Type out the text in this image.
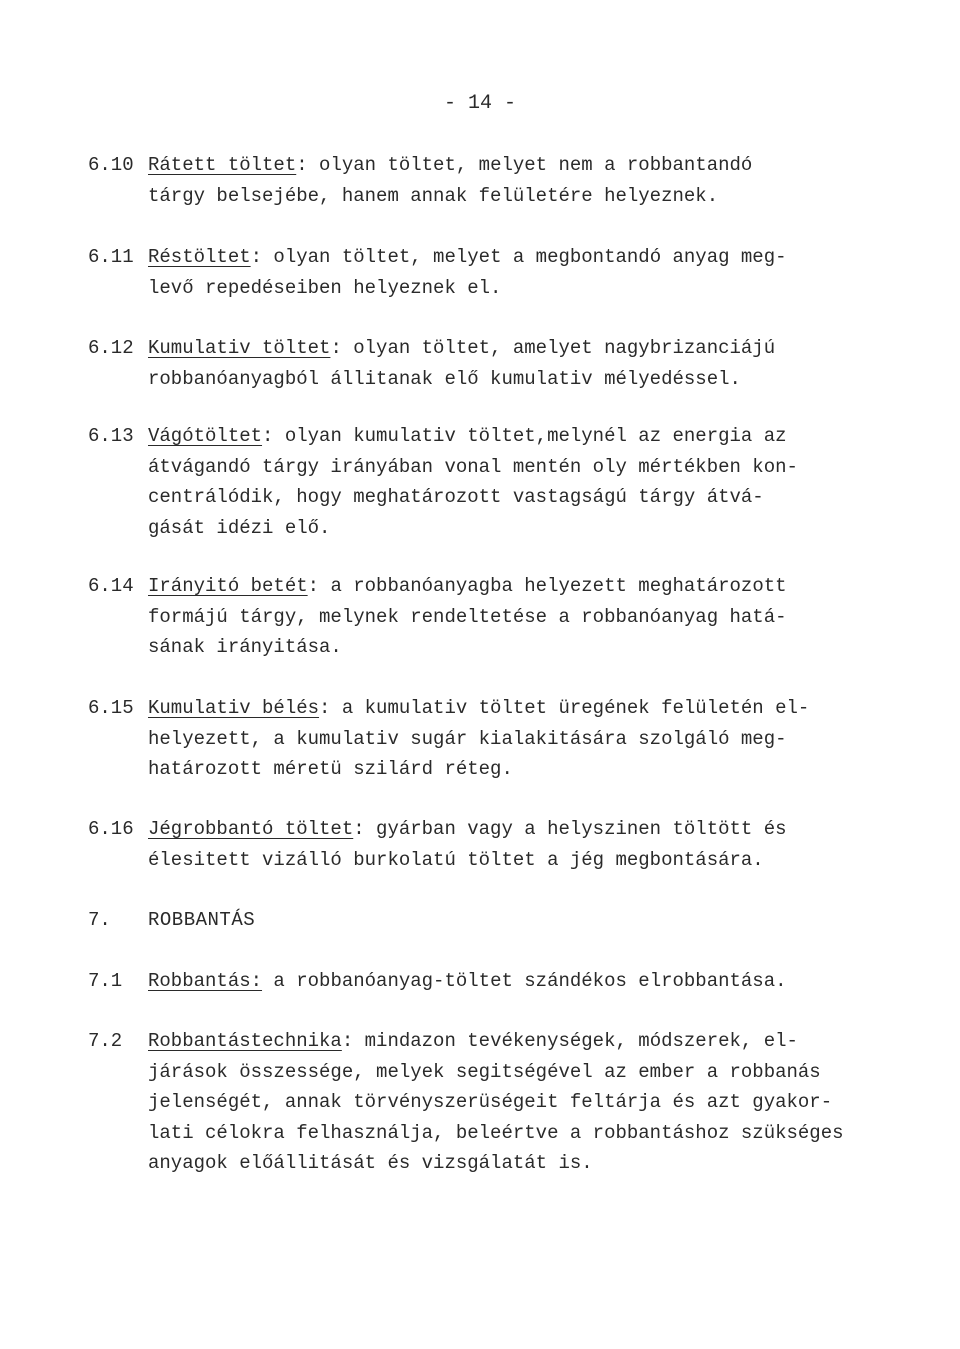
- 14 -
6.10 Rátett töltet: olyan töltet, melyet nem a robbantandó
tárgy belsejébe, hanem annak felületére helyeznek.
6.11 Réstöltet: olyan töltet, melyet a megbontandó anyag meg-
levő repedéseiben helyeznek el.
6.12 Kumulativ töltet: olyan töltet, amelyet nagybrizanciájú
robbanóanyagból állitanak elő kumulativ mélyedéssel.
6.13 Vágótöltet: olyan kumulativ töltet,melynél az energia az
átvágandó tárgy irányában vonal mentén oly mértékben kon-
centrálódik, hogy meghatározott vastagságú tárgy átvá-
gását idézi elő.
6.14 Irányitó betét: a robbanóanyagba helyezett meghatározott
formájú tárgy, melynek rendeltetése a robbanóanyag hatá-
sának irányitása.
6.15 Kumulativ bélés: a kumulativ töltet üregének felületén el-
helyezett, a kumulativ sugár kialakitására szolgáló meg-
határozott méretü szilárd réteg.
6.16 Jégrobbantó töltet: gyárban vagy a helyszinen töltött és
élesitett vizálló burkolatú töltet a jég megbontására.
7. ROBBANTÁS
7.1 Robbantás: a robbanóanyag-töltet szándékos elrobbantása.
7.2 Robbantástechnika: mindazon tevékenységek, módszerek, el-
járások összessége, melyek segitségével az ember a robbanás
jelenségét, annak törvényszerüségeit feltárja és azt gyakor-
lati célokra felhasználja, beleértve a robbantáshoz szükséges
anyagok előállitását és vizsgálatát is.
